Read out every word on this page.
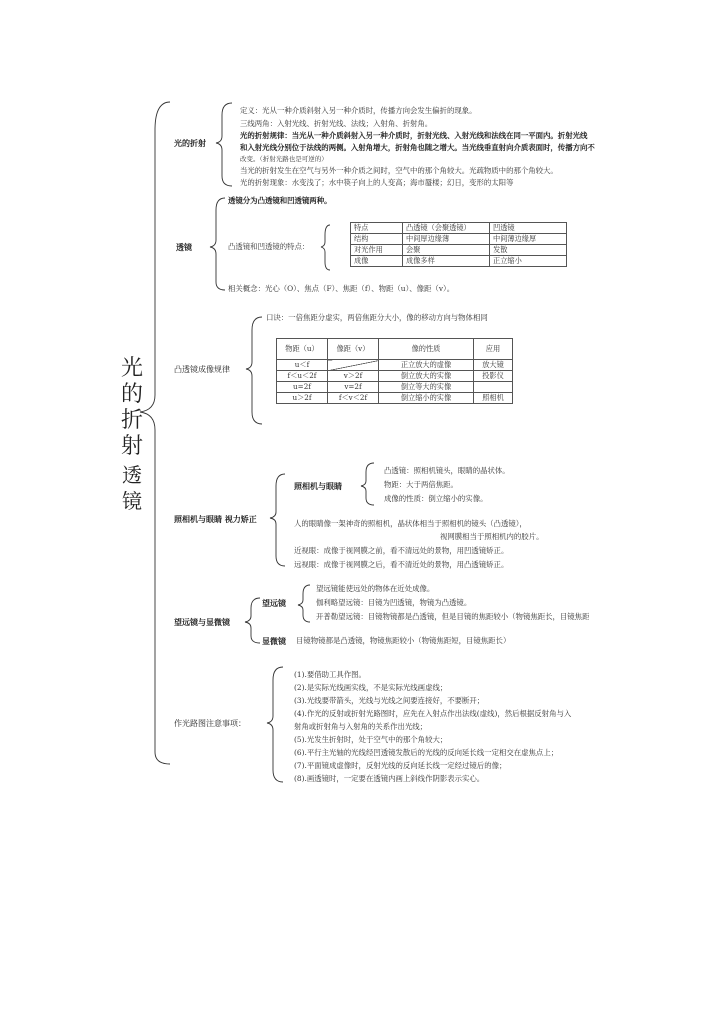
光
的
折
射
透
镜
光的折射
定义：光从一种介质斜射入另一种介质时，传播方向会发生偏折的现象。
三线两角：入射光线、折射光线、法线；入射角、折射角。
光的折射规律：当光从一种介质斜射入另一种介质时，折射光线、入射光线和法线在同一平面内。折射光线
和入射光线分别位于法线的两侧。入射角增大，折射角也随之增大。当光线垂直射向介质表面时，传播方向不
改变。（折射光路也是可逆的）
当光的折射发生在空气与另外一种介质之间时，空气中的那个角较大。光疏物质中的那个角较大。
光的折射现象：水变浅了；水中筷子向上的人变高；海市蜃楼；幻日，变形的太阳等
透镜
透镜分为凸透镜和凹透镜两种。
凸透镜和凹透镜的特点：
特点	凸透镜（会聚透镜）	凹透镜
结构	中间厚边缘薄	中间薄边缘厚
对光作用	会聚	发散
成像	成像多样	正立缩小
相关概念：光心（O）、焦点（F）、焦距（f）、物距（u）、像距（v）。
凸透镜成像规律
口诀：一倍焦距分虚实，两倍焦距分大小，像的移动方向与物体相同
物距（u）	像距（v）	像的性质	应用
u＜f		正立放大的虚像	放大镜
f＜u＜2f	v＞2f	倒立放大的实像	投影仪
u=2f	v=2f	倒立等大的实像	
u＞2f	f＜v＜2f	倒立缩小的实像	照相机
照相机与眼睛 视力矫正
照相机与眼睛
凸透镜：照相机镜头，眼睛的晶状体。
物距：大于两倍焦距。
成像的性质：倒立缩小的实像。
人的眼睛像一架神奇的照相机，晶状体相当于照相机的镜头（凸透镜），
视网膜相当于照相机内的胶片。
近视眼：成像于视网膜之前，看不清远处的景物，用凹透镜矫正。
远视眼：成像于视网膜之后，看不清近处的景物，用凸透镜矫正。
望远镜与显微镜
望远镜
望远镜能使远处的物体在近处成像。
伽利略望远镜：目镜为凹透镜，物镜为凸透镜。
开普勒望远镜：目镜物镜都是凸透镜，但是目镜的焦距较小（物镜焦距长，目镜焦距
显微镜 目镜物镜都是凸透镜，物镜焦距较小（物镜焦距短，目镜焦距长）
作光路图注意事项：
(1).要借助工具作图。
(2).是实际光线画实线，不是实际光线画虚线；
(3).光线要带箭头，光线与光线之间要连接好，不要断开；
(4).作光的反射或折射光路图时，应先在入射点作出法线(虚线)，然后根据反射角与入
射角或折射角与入射角的关系作出光线；
(5).光发生折射时，处于空气中的那个角较大；
(6).平行主光轴的光线经凹透镜发散后的光线的反向延长线一定相交在虚焦点上；
(7).平面镜成虚像时，反射光线的反向延长线一定经过镜后的像；
(8).画透镜时，一定要在透镜内画上斜线作阴影表示实心。
